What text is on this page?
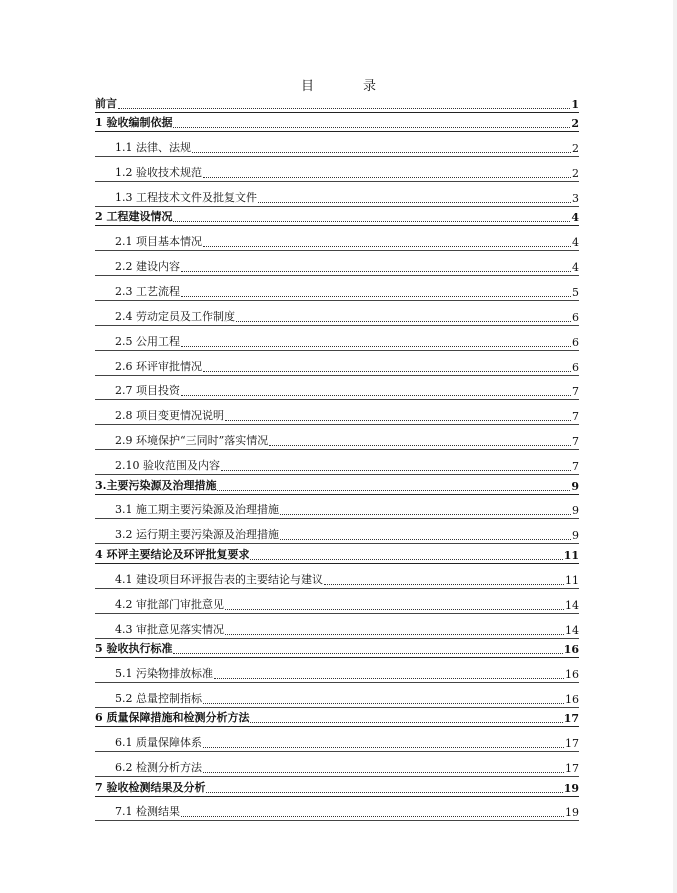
目　录
前言	1
1 验收编制依据	2
1.1 法律、法规	2
1.2 验收技术规范	2
1.3 工程技术文件及批复文件	3
2 工程建设情况	4
2.1 项目基本情况	4
2.2 建设内容	4
2.3 工艺流程	5
2.4 劳动定员及工作制度	6
2.5 公用工程	6
2.6 环评审批情况	6
2.7 项目投资	7
2.8 项目变更情况说明	7
2.9 环境保护“三同时”落实情况	7
2.10 验收范围及内容	7
3.主要污染源及治理措施	9
3.1 施工期主要污染源及治理措施	9
3.2 运行期主要污染源及治理措施	9
4 环评主要结论及环评批复要求	11
4.1 建设项目环评报告表的主要结论与建议	11
4.2 审批部门审批意见	14
4.3 审批意见落实情况	14
5 验收执行标准	16
5.1 污染物排放标准	16
5.2 总量控制指标	16
6 质量保障措施和检测分析方法	17
6.1 质量保障体系	17
6.2 检测分析方法	17
7 验收检测结果及分析	19
7.1 检测结果	19
